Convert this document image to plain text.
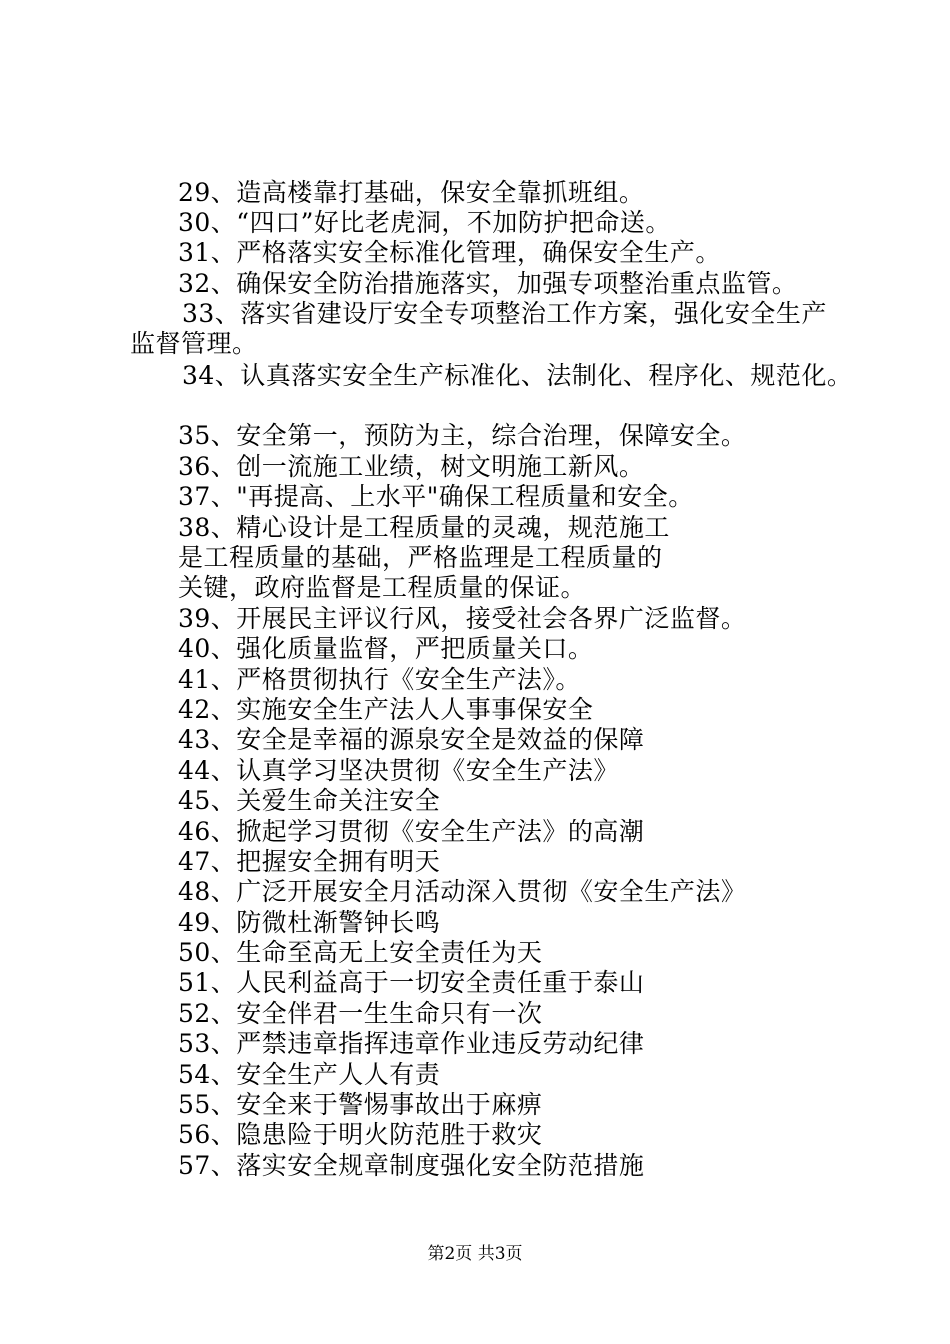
29、造高楼靠打基础，保安全靠抓班组。
30、“四口”好比老虎洞，不加防护把命送。
31、严格落实安全标准化管理，确保安全生产。
32、确保安全防治措施落实，加强专项整治重点监管。
33、落实省建设厅安全专项整治工作方案，强化安全生产
监督管理。
34、认真落实安全生产标准化、法制化、程序化、规范化。
35、安全第一，预防为主，综合治理，保障安全。
36、创一流施工业绩，树文明施工新风。
37、"再提高、上水平"确保工程质量和安全。
38、精心设计是工程质量的灵魂，规范施工
是工程质量的基础，严格监理是工程质量的
关键，政府监督是工程质量的保证。
39、开展民主评议行风，接受社会各界广泛监督。
40、强化质量监督，严把质量关口。
41、严格贯彻执行《安全生产法》。
42、实施安全生产法人人事事保安全
43、安全是幸福的源泉安全是效益的保障
44、认真学习坚决贯彻《安全生产法》
45、关爱生命关注安全
46、掀起学习贯彻《安全生产法》的高潮
47、把握安全拥有明天
48、广泛开展安全月活动深入贯彻《安全生产法》
49、防微杜渐警钟长鸣
50、生命至高无上安全责任为天
51、人民利益高于一切安全责任重于泰山
52、安全伴君一生生命只有一次
53、严禁违章指挥违章作业违反劳动纪律
54、安全生产人人有责
55、安全来于警惕事故出于麻痹
56、隐患险于明火防范胜于救灾
57、落实安全规章制度强化安全防范措施
第2页 共3页
